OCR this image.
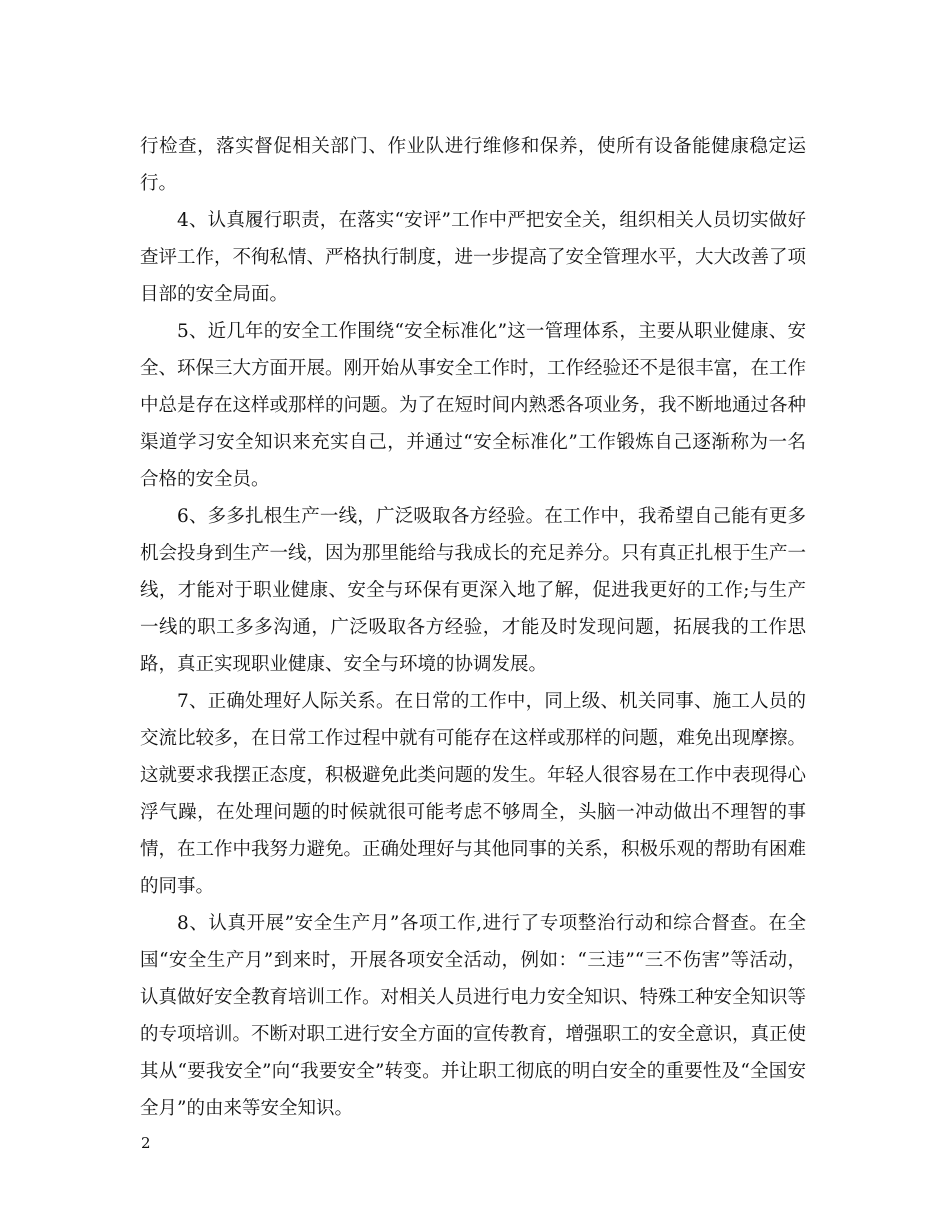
行检查，落实督促相关部门、作业队进行维修和保养，使所有设备能健康稳定运行。

4、认真履行职责，在落实“安评”工作中严把安全关，组织相关人员切实做好查评工作，不徇私情、严格执行制度，进一步提高了安全管理水平，大大改善了项目部的安全局面。

5、近几年的安全工作围绕“安全标准化”这一管理体系，主要从职业健康、安全、环保三大方面开展。刚开始从事安全工作时，工作经验还不是很丰富，在工作中总是存在这样或那样的问题。为了在短时间内熟悉各项业务，我不断地通过各种渠道学习安全知识来充实自己，并通过“安全标准化”工作锻炼自己逐渐称为一名合格的安全员。

6、多多扎根生产一线，广泛吸取各方经验。在工作中，我希望自己能有更多机会投身到生产一线，因为那里能给与我成长的充足养分。只有真正扎根于生产一线，才能对于职业健康、安全与环保有更深入地了解，促进我更好的工作;与生产一线的职工多多沟通，广泛吸取各方经验，才能及时发现问题，拓展我的工作思路，真正实现职业健康、安全与环境的协调发展。

7、正确处理好人际关系。在日常的工作中，同上级、机关同事、施工人员的交流比较多，在日常工作过程中就有可能存在这样或那样的问题，难免出现摩擦。这就要求我摆正态度，积极避免此类问题的发生。年轻人很容易在工作中表现得心浮气躁，在处理问题的时候就很可能考虑不够周全，头脑一冲动做出不理智的事情，在工作中我努力避免。正确处理好与其他同事的关系，积极乐观的帮助有困难的同事。

8、认真开展”安全生产月”各项工作,进行了专项整治行动和综合督查。在全国“安全生产月”到来时，开展各项安全活动，例如：“三违”“三不伤害”等活动，认真做好安全教育培训工作。对相关人员进行电力安全知识、特殊工种安全知识等的专项培训。不断对职工进行安全方面的宣传教育，增强职工的安全意识，真正使其从“要我安全”向“我要安全”转变。并让职工彻底的明白安全的重要性及“全国安全月”的由来等安全知识。

2
